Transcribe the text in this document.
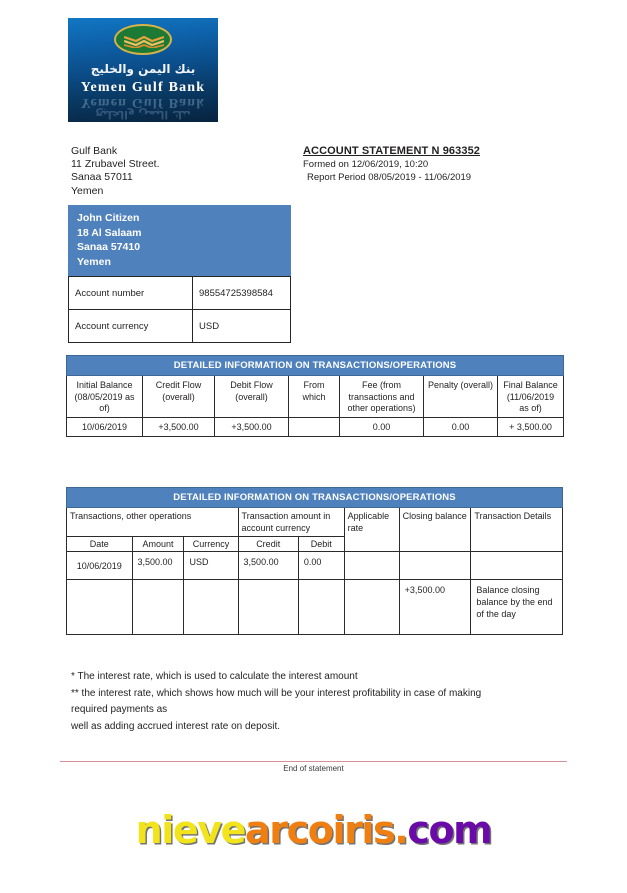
بنك اليمن والخليج
Yemen Gulf Bank
Yemen Gulf Bank
بنك اليمن والخليج
Gulf Bank
11 Zrubavel Street.
Sanaa 57011
Yemen
ACCOUNT STATEMENT N 963352
Formed on 12/06/2019, 10:20
Report Period 08/05/2019 - 11/06/2019
John Citizen
18 Al Salaam
Sanaa 57410
Yemen
Account number	98554725398584
Account currency	USD
DETAILED INFORMATION ON TRANSACTIONS/OPERATIONS						
Initial Balance (08/05/2019 as of)	Credit Flow (overall)	Debit Flow (overall)	From which	Fee (from transactions and other operations)	Penalty (overall)	Final Balance (11/06/2019 as of)
10/06/2019	+3,500.00	+3,500.00		0.00	0.00	+ 3,500.00
DETAILED INFORMATION ON TRANSACTIONS/OPERATIONS							
Transactions, other operations			Transaction amount in account currency		Applicable rate	Closing balance	Transaction Details
Date	Amount	Currency	Credit	Debit			
10/06/2019	3,500.00	USD	3,500.00	0.00			
						+3,500.00	Balance closing balance by the end of the day
* The interest rate, which is used to calculate the interest amount
** the interest rate, which shows how much will be your interest profitability in case of making
required payments as
well as adding accrued interest rate on deposit.
End of statement
nievearcoiris.com
